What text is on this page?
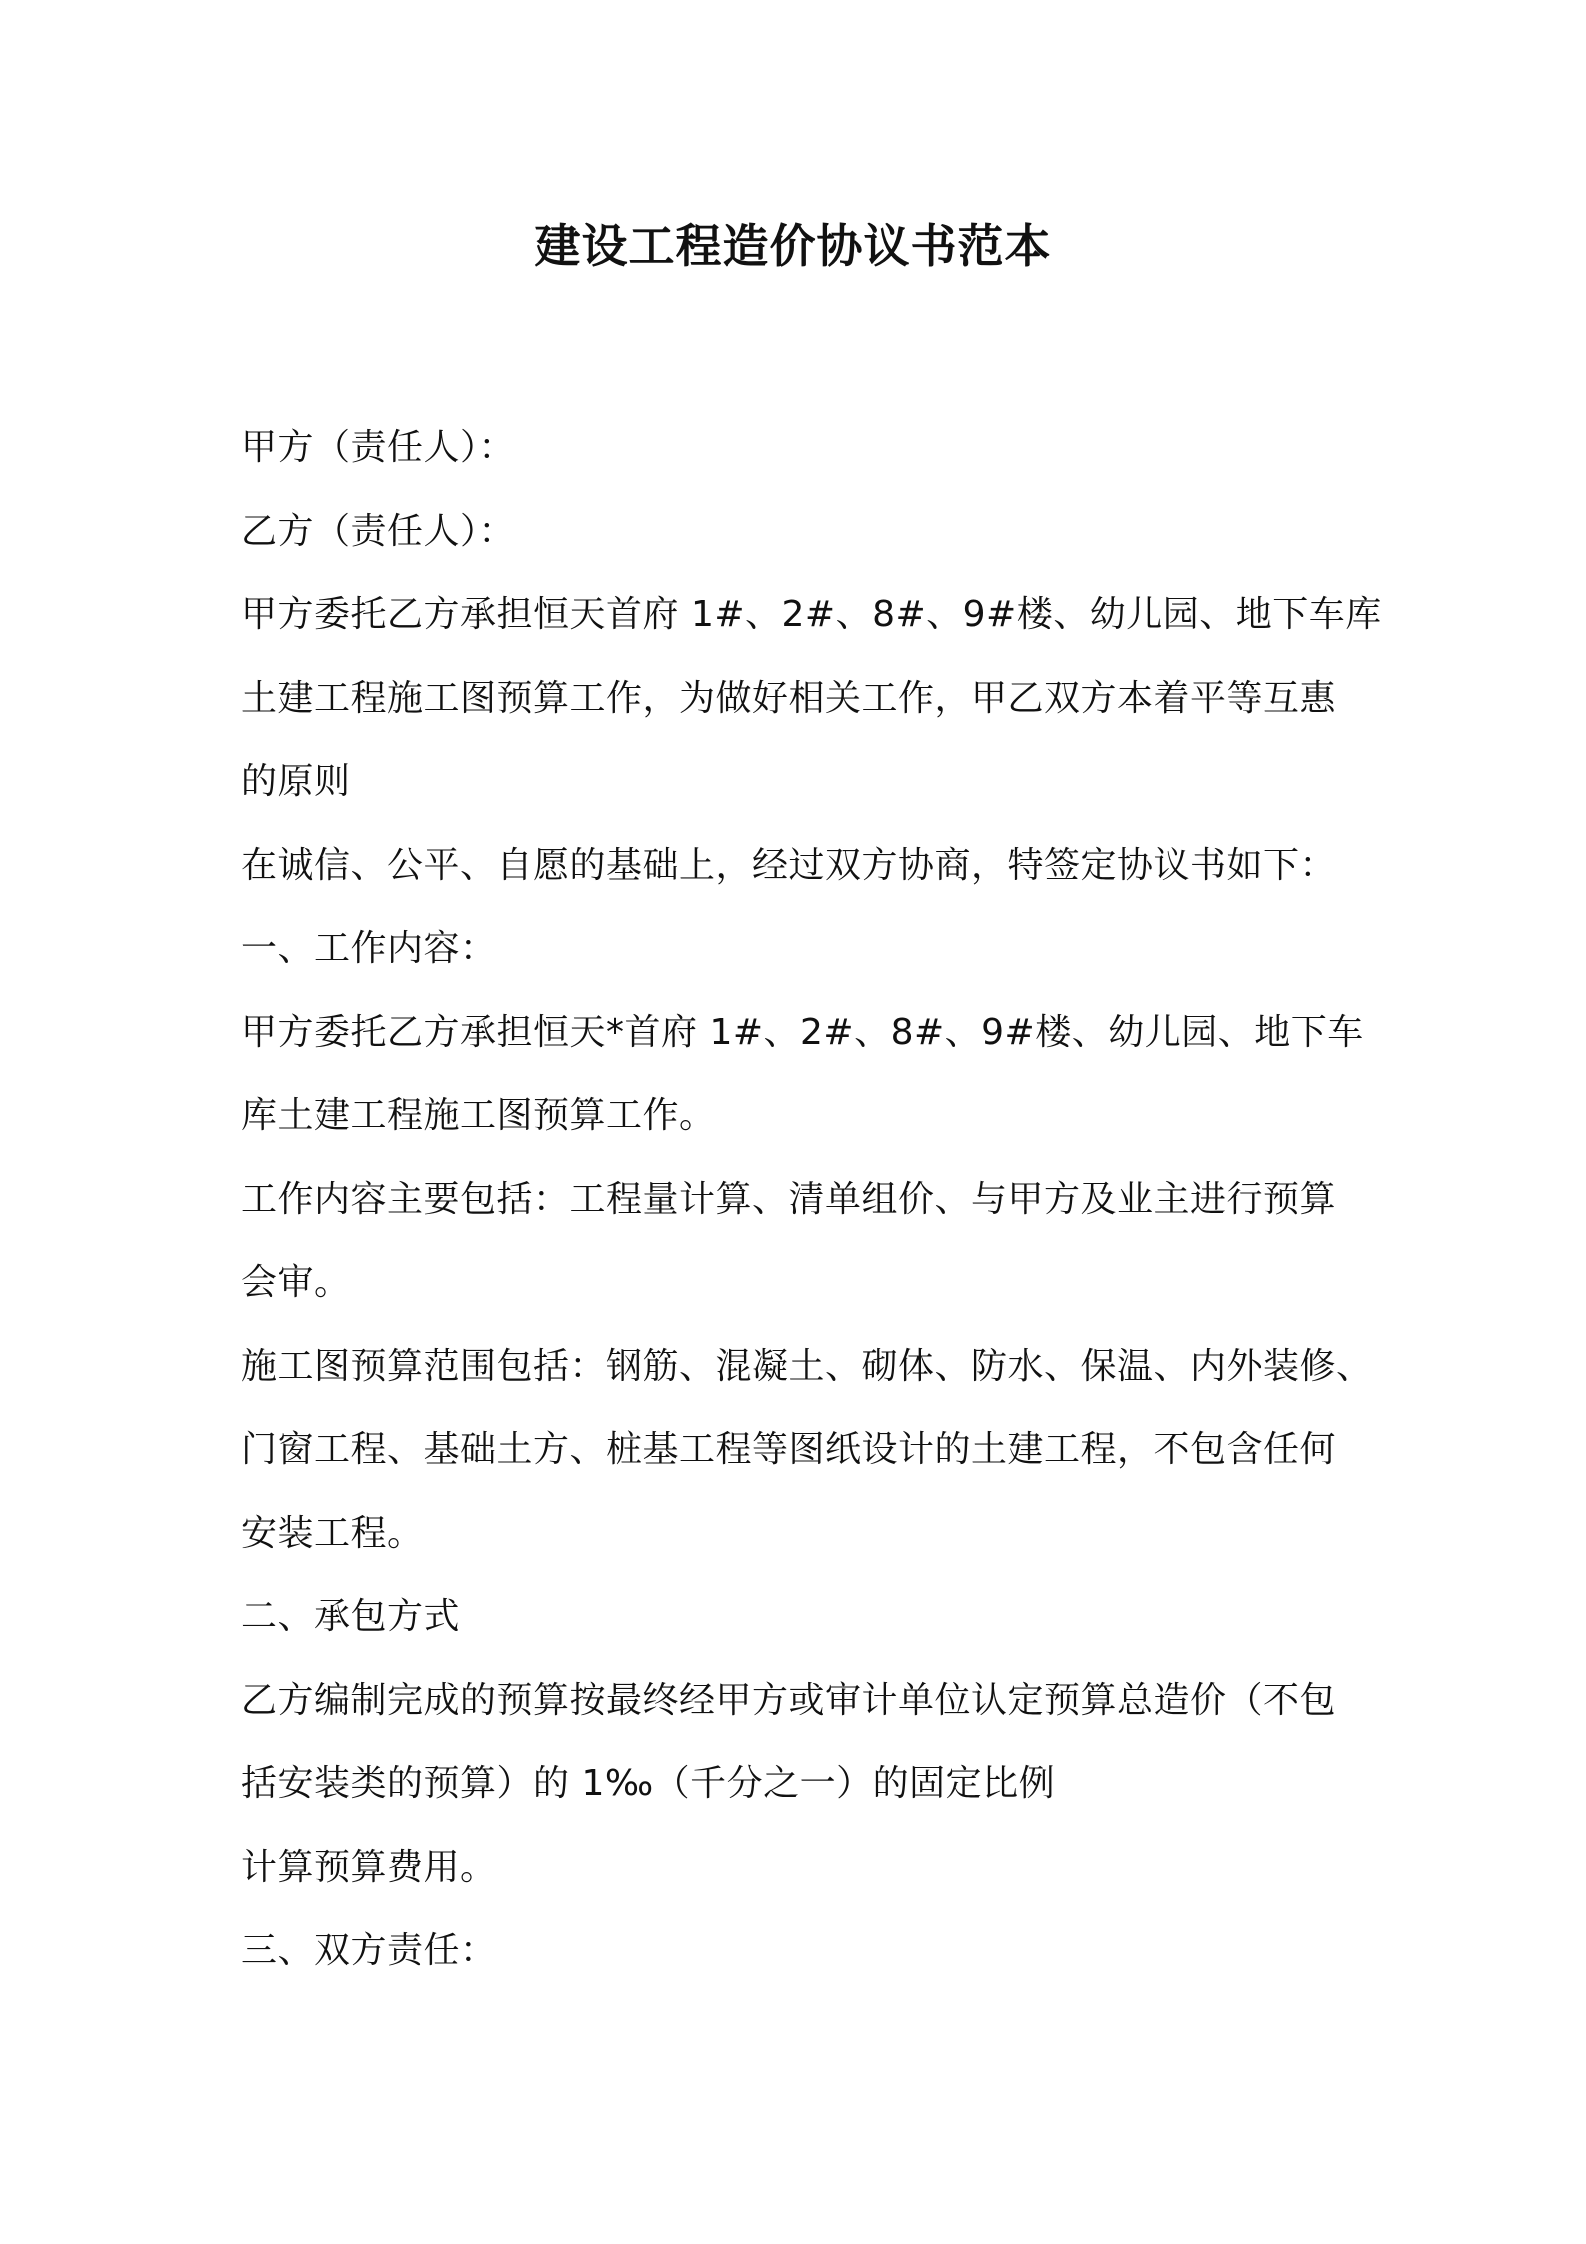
建设工程造价协议书范本
甲方（责任人）：
乙方（责任人）：
甲方委托乙方承担恒天首府 1#、2#、8#、9#楼、幼儿园、地下车库
土建工程施工图预算工作，为做好相关工作，甲乙双方本着平等互惠
的原则
在诚信、公平、自愿的基础上，经过双方协商，特签定协议书如下：
一、工作内容：
甲方委托乙方承担恒天*首府 1#、2#、8#、9#楼、幼儿园、地下车
库土建工程施工图预算工作。
工作内容主要包括：工程量计算、清单组价、与甲方及业主进行预算
会审。
施工图预算范围包括：钢筋、混凝土、砌体、防水、保温、内外装修、
门窗工程、基础土方、桩基工程等图纸设计的土建工程，不包含任何
安装工程。
二、承包方式
乙方编制完成的预算按最终经甲方或审计单位认定预算总造价（不包
括安装类的预算）的 1‰（千分之一）的固定比例
计算预算费用。
三、双方责任：
